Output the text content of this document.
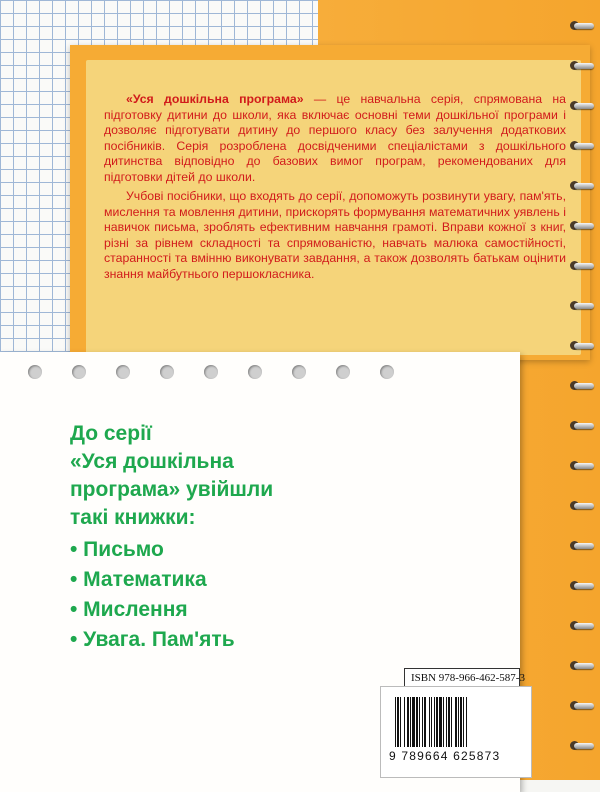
«Уся дошкільна програма» — це навчальна серія, спрямована на підготовку дитини до школи, яка включає основні теми дошкільної програми і дозволяє підготувати дитину до першого класу без залучення додаткових посібників. Серія розроблена досвідченими спеціалістами з дошкільного дитинства відповідно до базових вимог програм, рекомендованих для підготовки дітей до школи.

Учбові посібники, що входять до серії, допоможуть розвинути увагу, пам'ять, мислення та мовлення дитини, прискорять формування математичних уявлень і навичок письма, зроблять ефективним навчання грамоті. Вправи кожної з книг, різні за рівнем складності та спрямованістю, навчать малюка самостійності, старанності та вмінню виконувати завдання, а також дозволять батькам оцінити знання майбутнього першокласника.

До серії
«Уся дошкільна
програма» увійшли
такі книжки:
• Письмо
• Математика
• Мислення
• Увага. Пам'ять
ISBN 978-966-462-587-3
9 789664 625873
